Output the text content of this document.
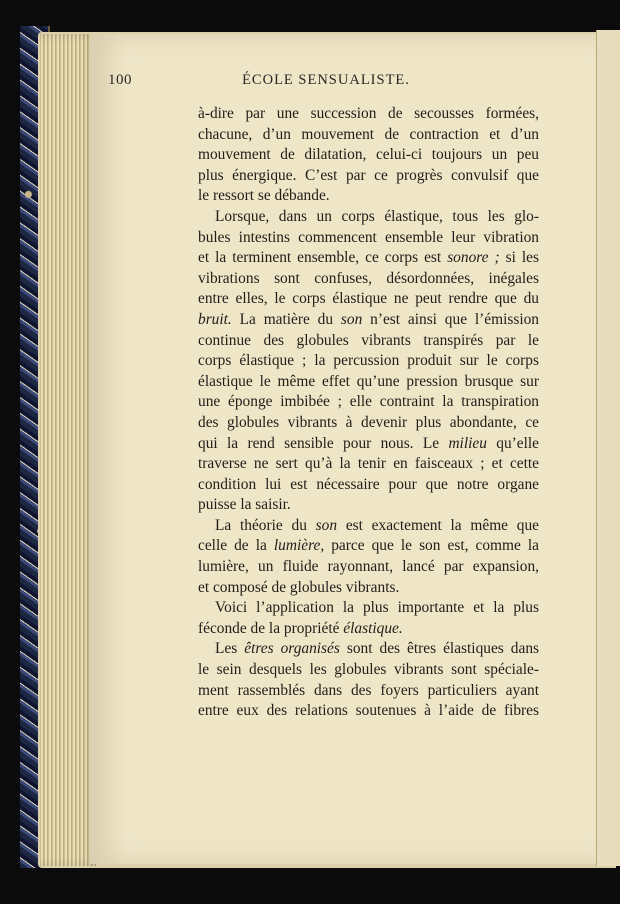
100	ÉCOLE SENSUALISTE.
à-dire par une succession de secousses formées,
chacune, d’un mouvement de contraction et d’un
mouvement de dilatation, celui-ci toujours un peu
plus énergique. C’est par ce progrès convulsif que
le ressort se débande.
Lorsque, dans un corps élastique, tous les glo-
bules intestins commencent ensemble leur vibration
et la terminent ensemble, ce corps est sonore ; si les
vibrations sont confuses, désordonnées, inégales
entre elles, le corps élastique ne peut rendre que du
bruit. La matière du son n’est ainsi que l’émission
continue des globules vibrants transpirés par le
corps élastique ; la percussion produit sur le corps
élastique le même effet qu’une pression brusque sur
une éponge imbibée ; elle contraint la transpiration
des globules vibrants à devenir plus abondante, ce
qui la rend sensible pour nous. Le milieu qu’elle
traverse ne sert qu’à la tenir en faisceaux ; et cette
condition lui est nécessaire pour que notre organe
puisse la saisir.
La théorie du son est exactement la même que
celle de la lumière, parce que le son est, comme la
lumière, un fluide rayonnant, lancé par expansion,
et composé de globules vibrants.
Voici l’application la plus importante et la plus
féconde de la propriété élastique.
Les êtres organisés sont des êtres élastiques dans
le sein desquels les globules vibrants sont spéciale-
ment rassemblés dans des foyers particuliers ayant
entre eux des relations soutenues à l’aide de fibres
